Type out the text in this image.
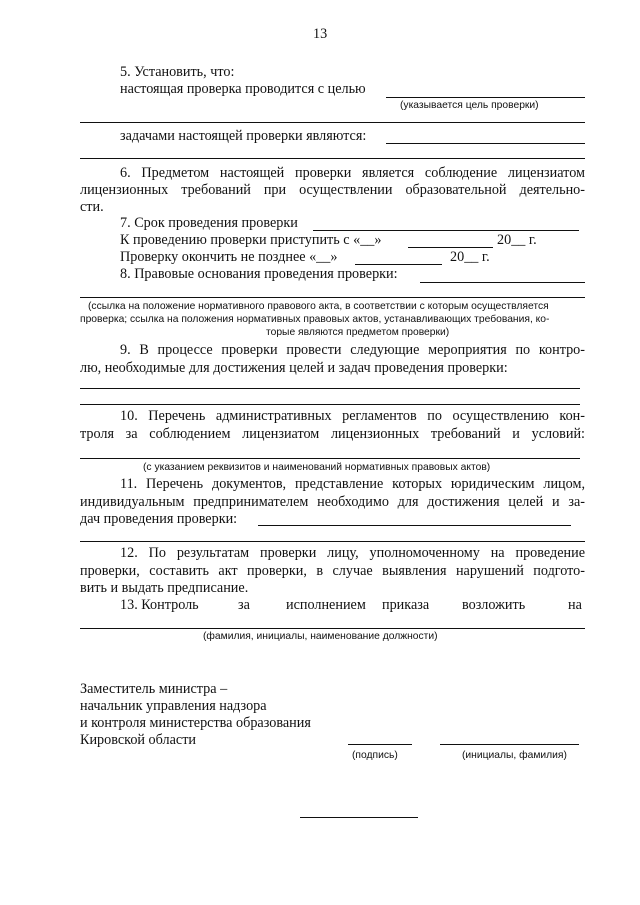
13
5. Установить, что:
настоящая проверка проводится с целью
(указывается цель проверки)
задачами настоящей проверки являются:
6. Предметом настоящей проверки является соблюдение лицензиатом
лицензионных требований при осуществлении образовательной деятельно-
сти.
7. Срок проведения проверки
К проведению проверки приступить с «__»	20__ г.
Проверку окончить не позднее «__»	20__ г.
8. Правовые основания проведения проверки:
(ссылка на положение нормативного правового акта, в соответствии с которым осуществляется
проверка; ссылка на положения нормативных правовых актов, устанавливающих требования, ко-
торые являются предметом проверки)
9. В процессе проверки провести следующие мероприятия по контро-
лю, необходимые для достижения целей и задач проведения проверки:
10. Перечень административных регламентов по осуществлению кон-
троля за соблюдением лицензиатом лицензионных требований и условий:
(с указанием реквизитов и наименований нормативных правовых актов)
11. Перечень документов, представление которых юридическим лицом,
индивидуальным предпринимателем необходимо для достижения целей и за-
дач проведения проверки:
12. По результатам проверки лицу, уполномоченному на проведение
проверки, составить акт проверки, в случае выявления нарушений подгото-
вить и выдать предписание.
13. Контроль	за	исполнением приказа возложить	на
(фамилия, инициалы, наименование должности)
Заместитель министра –
начальник управления надзора
и контроля министерства образования
Кировской области
(подпись)	(инициалы, фамилия)
